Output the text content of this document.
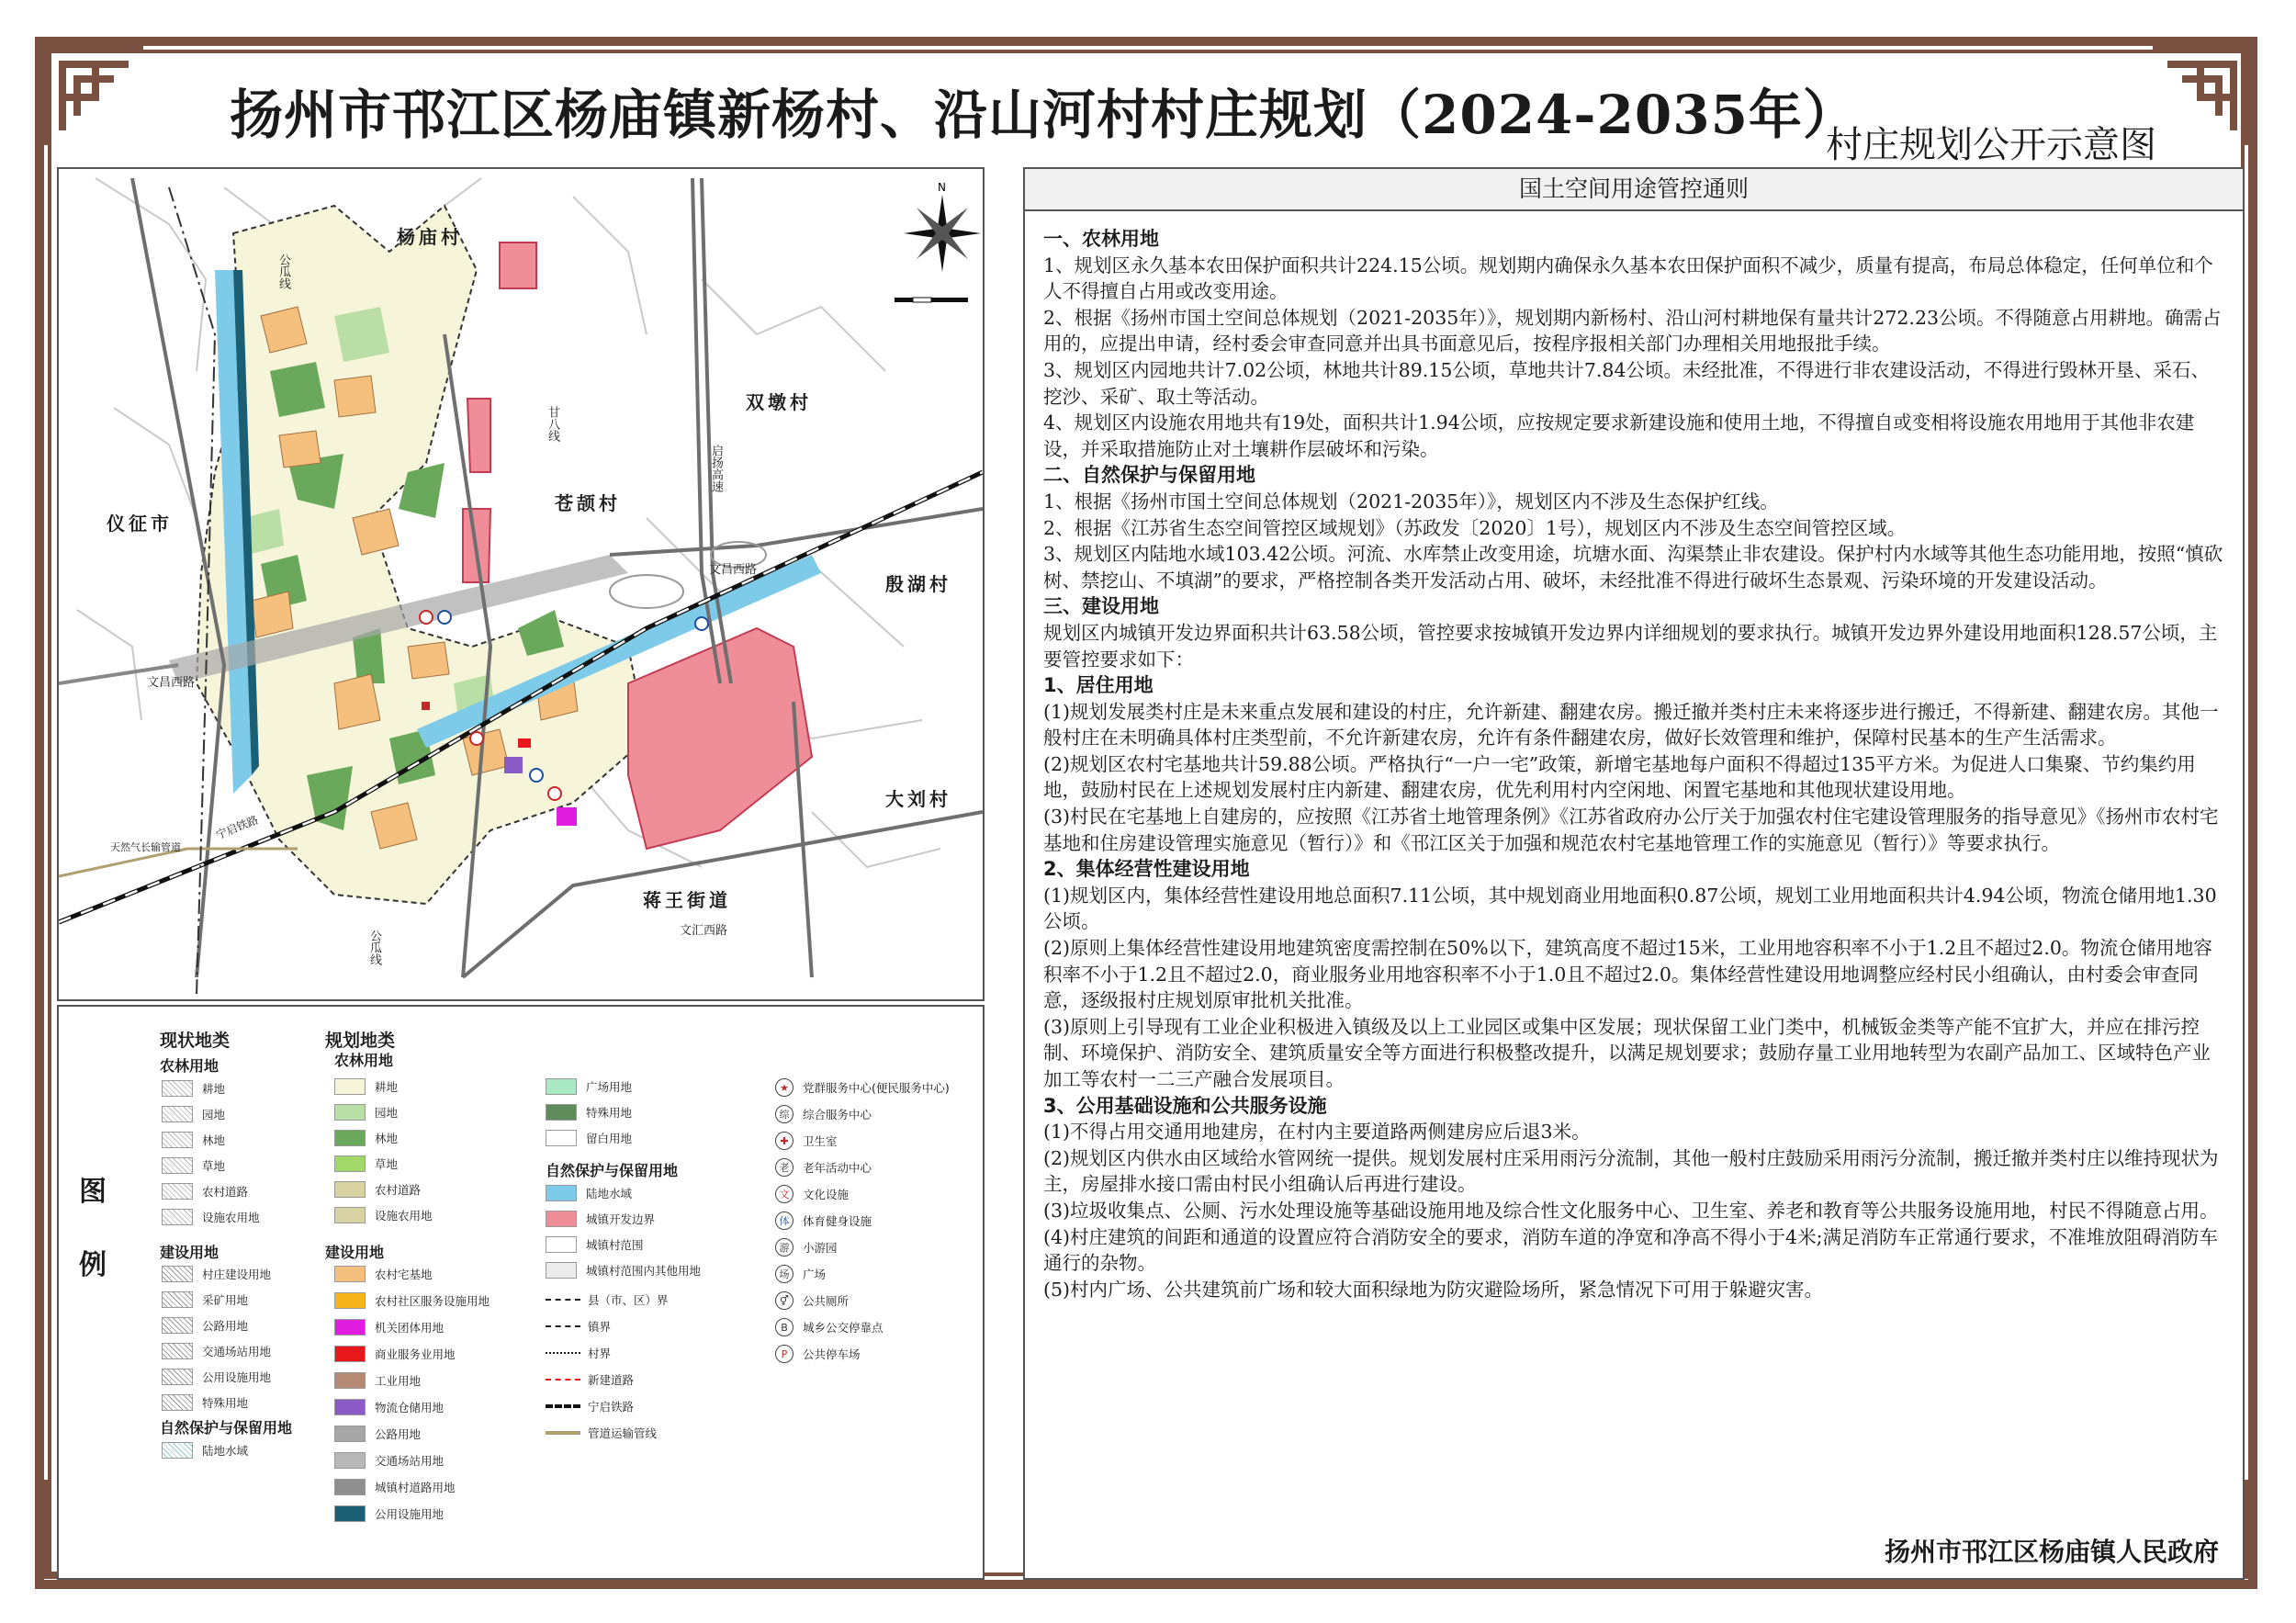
扬州市邗江区杨庙镇新杨村、沿山河村村庄规划（2024-2035年）
村庄规划公开示意图
N
杨庙村
仪征市
双墩村
苍颉村
殷湖村
大刘村
蒋王街道
文昌西路
文昌西路
文汇西路
甘八线
启扬高速
公瓜线
公瓜线
天然气长输管道
宁启铁路
图
例
现状地类
农林用地
建设用地
自然保护与保留用地
规划地类
农林用地
建设用地
自然保护与保留用地
耕地
园地
林地
草地
农村道路
设施农用地
村庄建设用地
采矿用地
公路用地
交通场站用地
公用设施用地
特殊用地
陆地水域
耕地
园地
林地
草地
农村道路
设施农用地
农村宅基地
农村社区服务设施用地
机关团体用地
商业服务业用地
工业用地
物流仓储用地
公路用地
交通场站用地
城镇村道路用地
公用设施用地
广场用地
特殊用地
留白用地
陆地水域
城镇开发边界
城镇村范围
城镇村范围内其他用地
县（市、区）界
镇界
村界
新建道路
宁启铁路
管道运输管线
★	党群服务中心(便民服务中心)
综	综合服务中心
✚	卫生室
老	老年活动中心
文	文化设施
体	体育健身设施
游	小游园
场	广场
⚥	公共厕所
B	城乡公交停靠点
P	公共停车场
国土空间用途管控通则

一、农林用地

1、规划区永久基本农田保护面积共计224.15公顷。规划期内确保永久基本农田保护面积不减少，质量有提高，布局总体稳定，任何单位和个人不得擅自占用或改变用途。

2、根据《扬州市国土空间总体规划（2021-2035年）》，规划期内新杨村、沿山河村耕地保有量共计272.23公顷。不得随意占用耕地。确需占用的，应提出申请，经村委会审查同意并出具书面意见后，按程序报相关部门办理相关用地报批手续。

3、规划区内园地共计7.02公顷，林地共计89.15公顷，草地共计7.84公顷。未经批准，不得进行非农建设活动，不得进行毁林开垦、采石、挖沙、采矿、取土等活动。

4、规划区内设施农用地共有19处，面积共计1.94公顷，应按规定要求新建设施和使用土地，不得擅自或变相将设施农用地用于其他非农建设，并采取措施防止对土壤耕作层破坏和污染。

二、自然保护与保留用地

1、根据《扬州市国土空间总体规划（2021-2035年）》，规划区内不涉及生态保护红线。

2、根据《江苏省生态空间管控区域规划》（苏政发〔2020〕1号），规划区内不涉及生态空间管控区域。

3、规划区内陆地水域103.42公顷。河流、水库禁止改变用途，坑塘水面、沟渠禁止非农建设。保护村内水域等其他生态功能用地，按照“慎砍树、禁挖山、不填湖”的要求，严格控制各类开发活动占用、破坏，未经批准不得进行破坏生态景观、污染环境的开发建设活动。

三、建设用地

规划区内城镇开发边界面积共计63.58公顷，管控要求按城镇开发边界内详细规划的要求执行。城镇开发边界外建设用地面积128.57公顷，主要管控要求如下：

1、居住用地

(1)规划发展类村庄是未来重点发展和建设的村庄，允许新建、翻建农房。搬迁撤并类村庄未来将逐步进行搬迁，不得新建、翻建农房。其他一般村庄在未明确具体村庄类型前，不允许新建农房，允许有条件翻建农房，做好长效管理和维护，保障村民基本的生产生活需求。

(2)规划区农村宅基地共计59.88公顷。严格执行“一户一宅”政策，新增宅基地每户面积不得超过135平方米。为促进人口集聚、节约集约用地，鼓励村民在上述规划发展村庄内新建、翻建农房，优先利用村内空闲地、闲置宅基地和其他现状建设用地。

(3)村民在宅基地上自建房的，应按照《江苏省土地管理条例》《江苏省政府办公厅关于加强农村住宅建设管理服务的指导意见》《扬州市农村宅基地和住房建设管理实施意见（暂行）》和《邗江区关于加强和规范农村宅基地管理工作的实施意见（暂行）》等要求执行。

2、集体经营性建设用地

(1)规划区内，集体经营性建设用地总面积7.11公顷，其中规划商业用地面积0.87公顷，规划工业用地面积共计4.94公顷，物流仓储用地1.30公顷。

(2)原则上集体经营性建设用地建筑密度需控制在50%以下，建筑高度不超过15米，工业用地容积率不小于1.2且不超过2.0。物流仓储用地容积率不小于1.2且不超过2.0，商业服务业用地容积率不小于1.0且不超过2.0。集体经营性建设用地调整应经村民小组确认，由村委会审查同意，逐级报村庄规划原审批机关批准。

(3)原则上引导现有工业企业积极进入镇级及以上工业园区或集中区发展；现状保留工业门类中，机械钣金类等产能不宜扩大，并应在排污控制、环境保护、消防安全、建筑质量安全等方面进行积极整改提升，以满足规划要求；鼓励存量工业用地转型为农副产品加工、区域特色产业加工等农村一二三产融合发展项目。

3、公用基础设施和公共服务设施

(1)不得占用交通用地建房，在村内主要道路两侧建房应后退3米。

(2)规划区内供水由区域给水管网统一提供。规划发展村庄采用雨污分流制，其他一般村庄鼓励采用雨污分流制，搬迁撤并类村庄以维持现状为主，房屋排水接口需由村民小组确认后再进行建设。

(3)垃圾收集点、公厕、污水处理设施等基础设施用地及综合性文化服务中心、卫生室、养老和教育等公共服务设施用地，村民不得随意占用。

(4)村庄建筑的间距和通道的设置应符合消防安全的要求，消防车道的净宽和净高不得小于4米;满足消防车正常通行要求，不准堆放阻碍消防车通行的杂物。

(5)村内广场、公共建筑前广场和较大面积绿地为防灾避险场所，紧急情况下可用于躲避灾害。

扬州市邗江区杨庙镇人民政府
